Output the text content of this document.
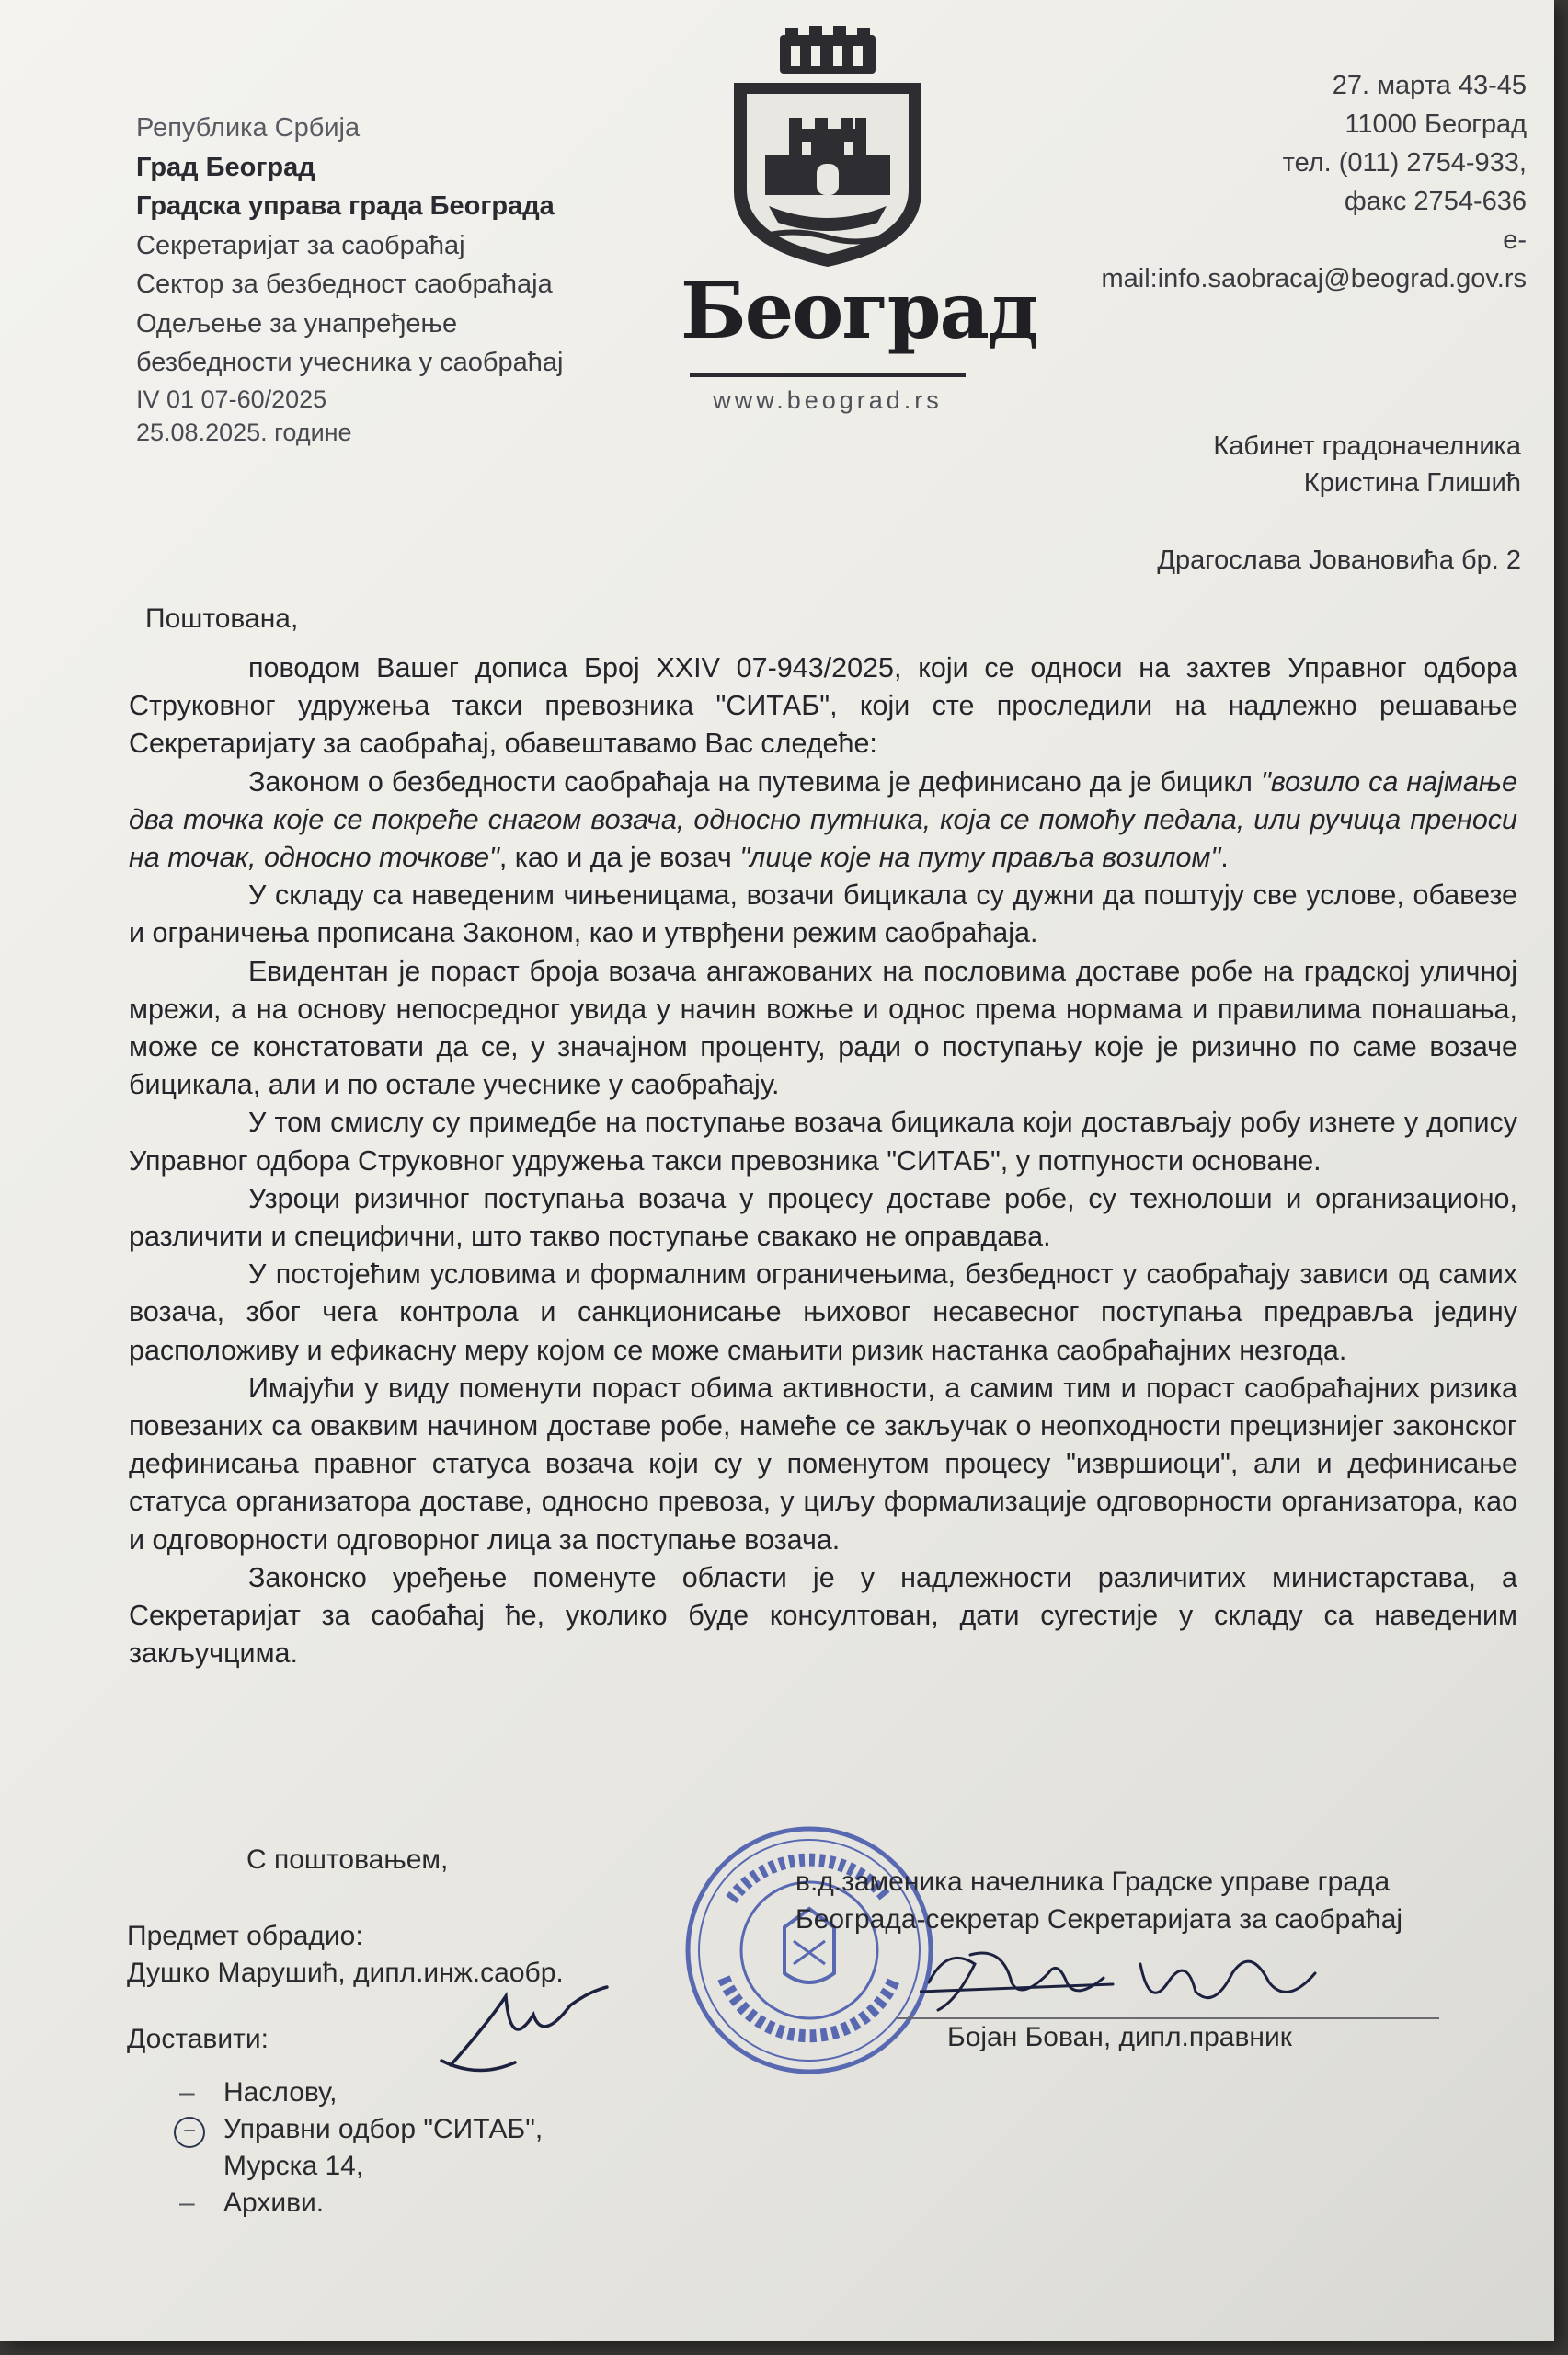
Република Србија
Град Београд
Градска управа града Београда
Секретаријат за саобраћај
Сектор за безбедност саобраћаја
Одељење за унапређење
безбедности учесника у саобраћај
IV 01 07-60/2025
25.08.2025. године
Београд
www.beograd.rs
27. марта 43-45
11000 Београд
тел. (011) 2754-933,
факс 2754-636
e-
mail:info.saobracaj@beograd.gov.rs
Кабинет градоначелника
Кристина Глишић
Драгослава Јовановића бр. 2
Поштована,

поводом Вашег дописа Број XXIV 07-943/2025, који се односи на захтев Управног одбора Струковног удружења такси превозника "СИТАБ", који сте проследили на надлежно решавање Секретаријату за саобраћај, обавештавамо Вас следеће:

Законом о безбедности саобраћаја на путевима је дефинисано да је бицикл "возило са најмање два точка које се покреће снагом возача, односно путника, која се помоћу педала, или ручица преноси на точак, односно точкове", као и да је возач "лице које на путу прављa возилом".

У складу са наведеним чињеницама, возачи бицикала су дужни да поштују све услове, обавезе и ограничења прописана Законом, као и утврђени режим саобраћаја.

Евидентан је пораст броја возача ангажованих на пословима доставе робе на градској уличној мрежи, а на основу непосредног увида у начин вожње и однос према нормама и правилима понашања, може се констатовати да се, у значајном проценту, ради о поступању које је ризично по саме возаче бицикала, али и по остале учеснике у саобраћају.

У том смислу су примедбе на поступање возача бицикала који достављају робу изнете у допису Управног одбора Струковног удружења такси превозника "СИТАБ", у потпуности основане.

Узроци ризичног поступања возача у процесу доставе робе, су технолоши и организационо, различити и специфични, што такво поступање свакако не оправдава.

У постојећим условима и формалним ограничењима, безбедност у саобраћају зависи од самих возача, због чега контрола и санкционисање њиховог несавесног поступања предрављa јединy расположиву и ефикасну меру којом се може смањити ризик настанка саобраћајних незгода.

Имајући у виду поменути пораст обима активности, а самим тим и пораст саобраћајних ризика повезаних са оваквим начином доставе робе, намеће се закључак о неопходности прецизнијег законског дефинисања правног статуса возача који су у поменутом процесу "извршиоци", али и дефинисање статуса организатора доставе, односно превоза, у циљу формализације одговорности организатора, као и одговорности одговорног лица за поступање возача.

Законско уређење поменуте области је у надлежности различитих министарстава, а Секретаријат за саобаћај ће, уколико буде консултован, дати сугестије у складу са наведеним закључцима.

С поштовањем,
Предмет обрадио:
Душко Марушић, дипл.инж.саобр.
Доставити:
– Наслову,
−	Управни одбор "СИТАБ",
Мурска 14,
– Архиви.
в.д.заменика начелника Градске управе града
Београда-секретар Секретаријата за саобраћај
Бојан Бован, дипл.правник
